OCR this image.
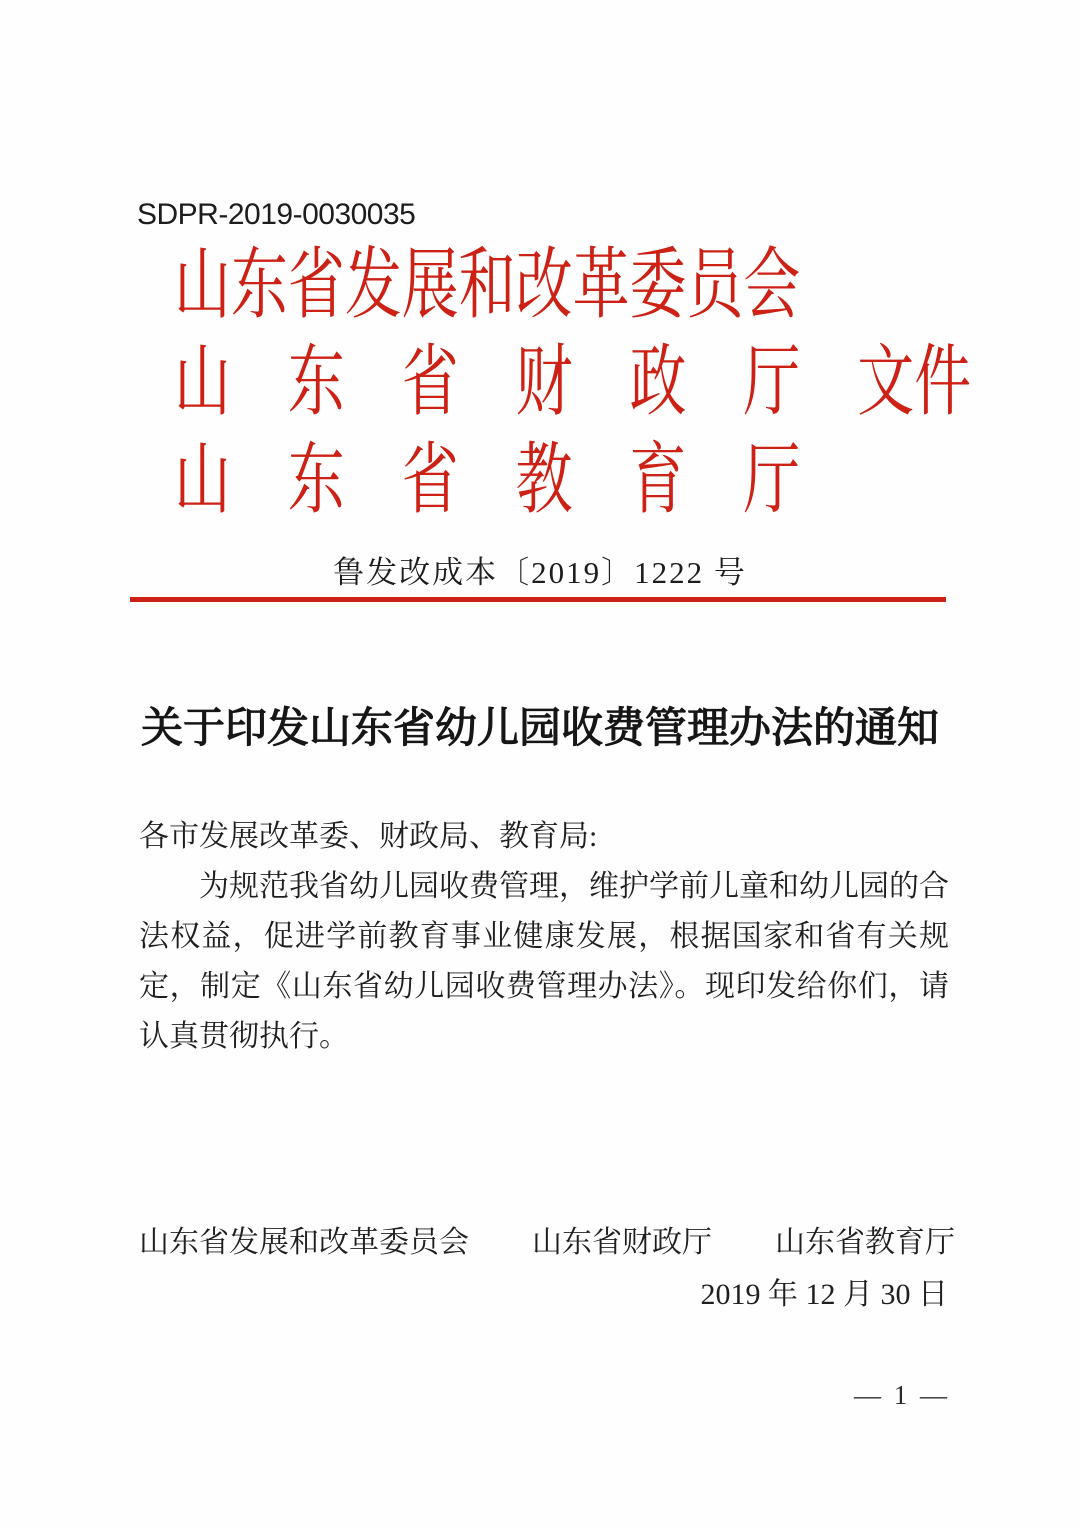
SDPR-2019-0030035
山东省发展和改革委员会
山　东　省　财　政　厅　文件
山　东　省　教　育　厅
鲁发改成本〔2019〕1222 号
关于印发山东省幼儿园收费管理办法的通知

各市发展改革委、财政局、教育局:

为规范我省幼儿园收费管理，维护学前儿童和幼儿园的合法权益，促进学前教育事业健康发展，根据国家和省有关规定，制定《山东省幼儿园收费管理办法》。现印发给你们，请认真贯彻执行。

山东省发展和改革委员会 山东省财政厅 山东省教育厅
2019 年 12 月 30 日
— 1 —
